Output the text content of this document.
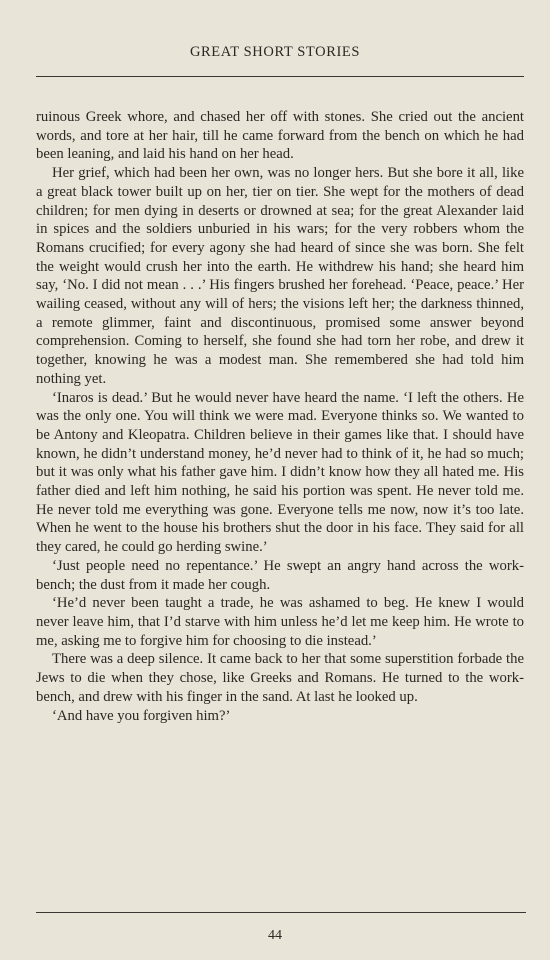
GREAT SHORT STORIES

ruinous Greek whore, and chased her off with stones. She cried out the ancient words, and tore at her hair, till he came forward from the bench on which he had been leaning, and laid his hand on her head.

Her grief, which had been her own, was no longer hers. But she bore it all, like a great black tower built up on her, tier on tier. She wept for the mothers of dead children; for men dying in deserts or drowned at sea; for the great Alexander laid in spices and the soldiers unburied in his wars; for the very robbers whom the Romans crucified; for every agony she had heard of since she was born. She felt the weight would crush her into the earth. He withdrew his hand; she heard him say, ‘No. I did not mean . . .’ His fingers brushed her forehead. ‘Peace, peace.’ Her wailing ceased, without any will of hers; the visions left her; the darkness thinned, a remote glimmer, faint and discontinuous, promised some answer beyond comprehension. Coming to herself, she found she had torn her robe, and drew it together, knowing he was a modest man. She remembered she had told him nothing yet.

‘Inaros is dead.’ But he would never have heard the name. ‘I left the others. He was the only one. You will think we were mad. Everyone thinks so. We wanted to be Antony and Kleopatra. Children believe in their games like that. I should have known, he didn’t understand money, he’d never had to think of it, he had so much; but it was only what his father gave him. I didn’t know how they all hated me. His father died and left him nothing, he said his portion was spent. He never told me. He never told me everything was gone. Everyone tells me now, now it’s too late. When he went to the house his brothers shut the door in his face. They said for all they cared, he could go herding swine.’

‘Just people need no repentance.’ He swept an angry hand across the work-bench; the dust from it made her cough.

‘He’d never been taught a trade, he was ashamed to beg. He knew I would never leave him, that I’d starve with him unless he’d let me keep him. He wrote to me, asking me to forgive him for choosing to die instead.’

There was a deep silence. It came back to her that some superstition forbade the Jews to die when they chose, like Greeks and Romans. He turned to the work-bench, and drew with his finger in the sand. At last he looked up.

‘And have you forgiven him?’

44
